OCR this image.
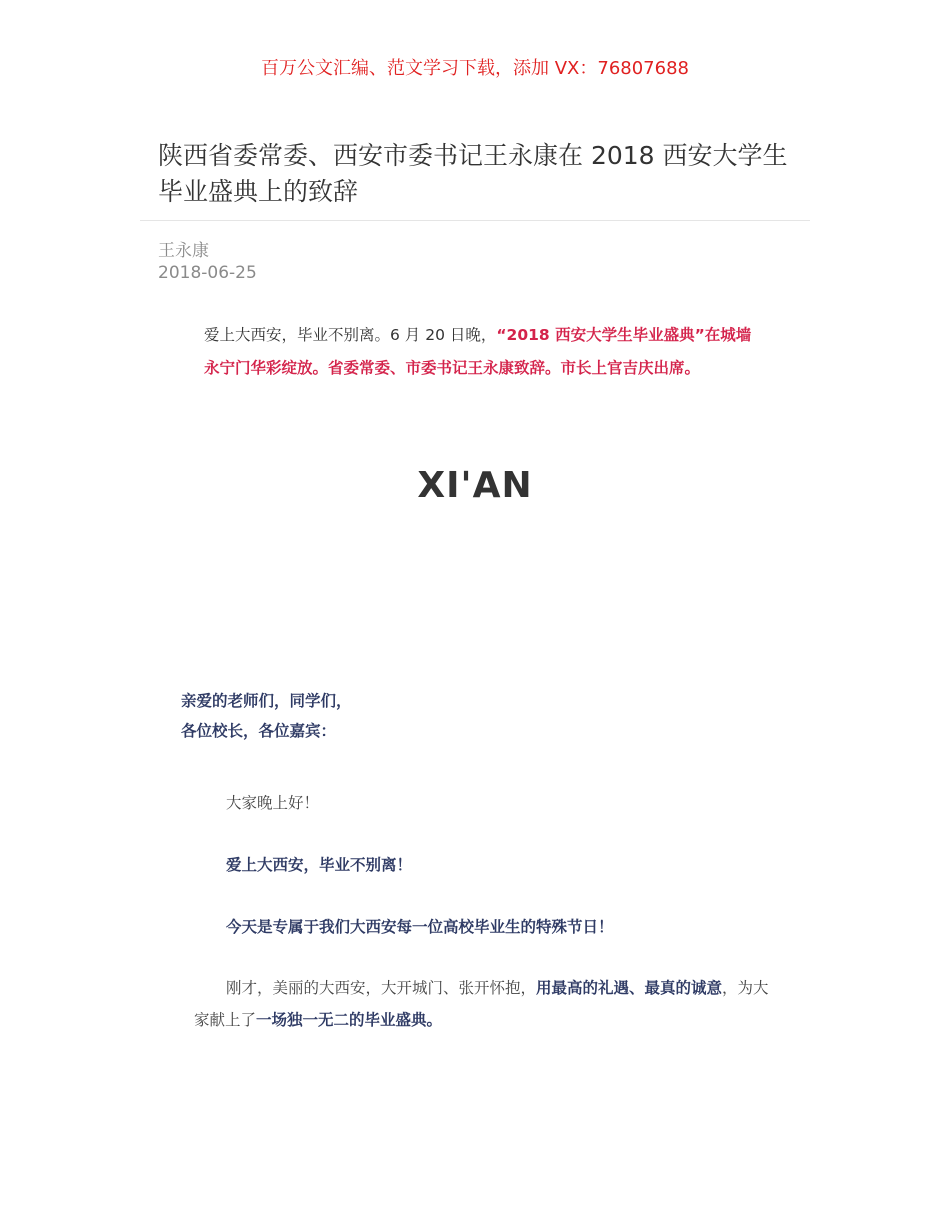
百万公文汇编、范文学习下载，添加 VX：76807688
陕西省委常委、西安市委书记王永康在 2018 西安大学生毕业盛典上的致辞
王永康
2018-06-25

爱上大西安，毕业不别离。6 月 20 日晚，“2018 西安大学生毕业盛典”在城墙永宁门华彩绽放。省委常委、市委书记王永康致辞。市长上官吉庆出席。

XI'AN
亲爱的老师们，同学们，
各位校长，各位嘉宾：

大家晚上好！

爱上大西安，毕业不别离！

今天是专属于我们大西安每一位高校毕业生的特殊节日！

刚才，美丽的大西安，大开城门、张开怀抱，用最高的礼遇、最真的诚意，为大家献上了一场独一无二的毕业盛典。
